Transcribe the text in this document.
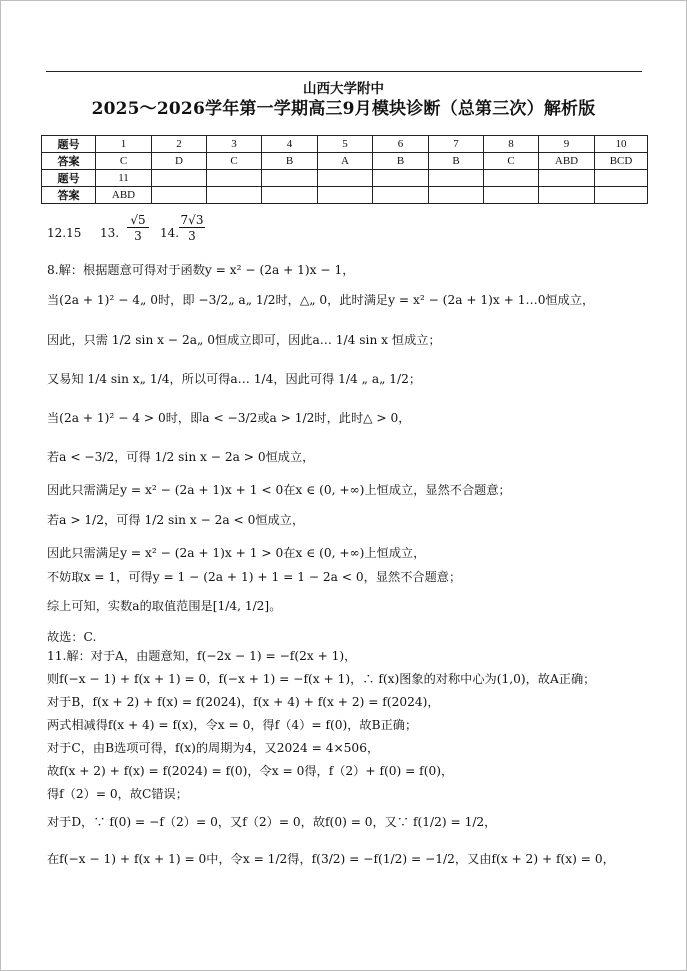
山西大学附中
2025～2026学年第一学期高三9月模块诊断（总第三次）解析版
题号	1	2	3	4	5	6	7	8	9	10
答案	C	D	C	B	A	B	B	C	ABD	BCD
题号	11									
答案	ABD									
12.15 13.
√5
3	14.
7√3
3
8.解：根据题意可得对于函数y = x² − (2a + 1)x − 1，
当(2a + 1)² − 4„ 0时，即 −3/2„ a„ 1/2时，△„ 0，此时满足y = x² − (2a + 1)x + 1…0恒成立，
因此，只需 1/2 sin x − 2a„ 0恒成立即可，因此a… 1/4 sin x 恒成立；
又易知 1/4 sin x„ 1/4，所以可得a… 1/4，因此可得 1/4 „ a„ 1/2；
当(2a + 1)² − 4 > 0时，即a < −3/2或a > 1/2时，此时△ > 0，
若a < −3/2，可得 1/2 sin x − 2a > 0恒成立，
因此只需满足y = x² − (2a + 1)x + 1 < 0在x ∈ (0, +∞)上恒成立，显然不合题意；
若a > 1/2，可得 1/2 sin x − 2a < 0恒成立，
因此只需满足y = x² − (2a + 1)x + 1 > 0在x ∈ (0, +∞)上恒成立，
不妨取x = 1，可得y = 1 − (2a + 1) + 1 = 1 − 2a < 0，显然不合题意；
综上可知，实数a的取值范围是[1/4, 1/2]。
故选：C.
11.解：对于A，由题意知，f(−2x − 1) = −f(2x + 1)，
则f(−x − 1) + f(x + 1) = 0，f(−x + 1) = −f(x + 1)，∴ f(x)图象的对称中心为(1,0)，故A正确；
对于B，f(x + 2) + f(x) = f(2024)，f(x + 4) + f(x + 2) = f(2024)，
两式相减得f(x + 4) = f(x)，令x = 0，得f（4）= f(0)，故B正确；
对于C，由B选项可得，f(x)的周期为4，又2024 = 4×506，
故f(x + 2) + f(x) = f(2024) = f(0)，令x = 0得，f（2）+ f(0) = f(0)，
得f（2）= 0，故C错误；
对于D，∵ f(0) = −f（2）= 0，又f（2）= 0，故f(0) = 0，又∵ f(1/2) = 1/2，
在f(−x − 1) + f(x + 1) = 0中，令x = 1/2得，f(3/2) = −f(1/2) = −1/2，又由f(x + 2) + f(x) = 0，
